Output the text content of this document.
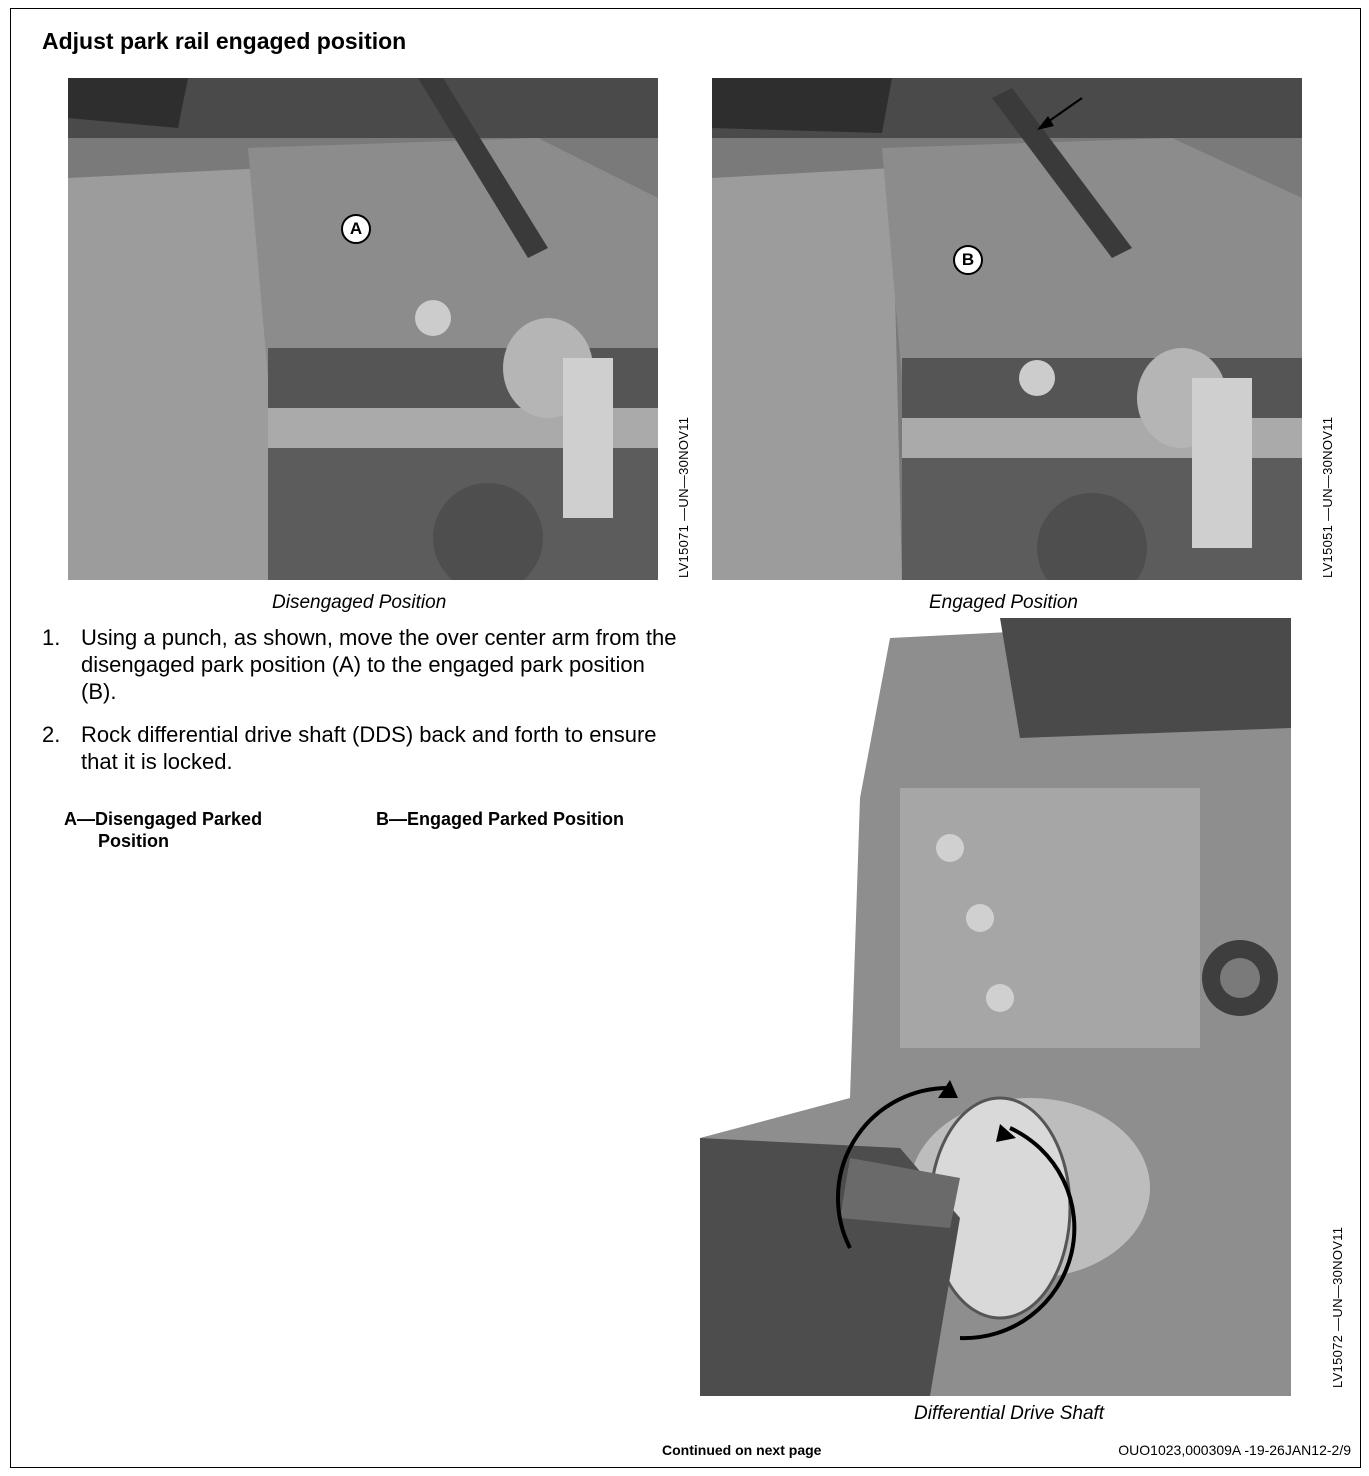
Adjust park rail engaged position
A
LV15071 —UN—30NOV11
Disengaged Position
B
LV15051 —UN—30NOV11
Engaged Position
1. Using a punch, as shown, move the over center arm from the disengaged park position (A) to the engaged park position (B).
2. Rock differential drive shaft (DDS) back and forth to ensure that it is locked.
A—Disengaged Parked
Position
B—Engaged Parked Position
LV15072 —UN—30NOV11
Differential Drive Shaft
Continued on next page	OUO1023,000309A -19-26JAN12-2/9
